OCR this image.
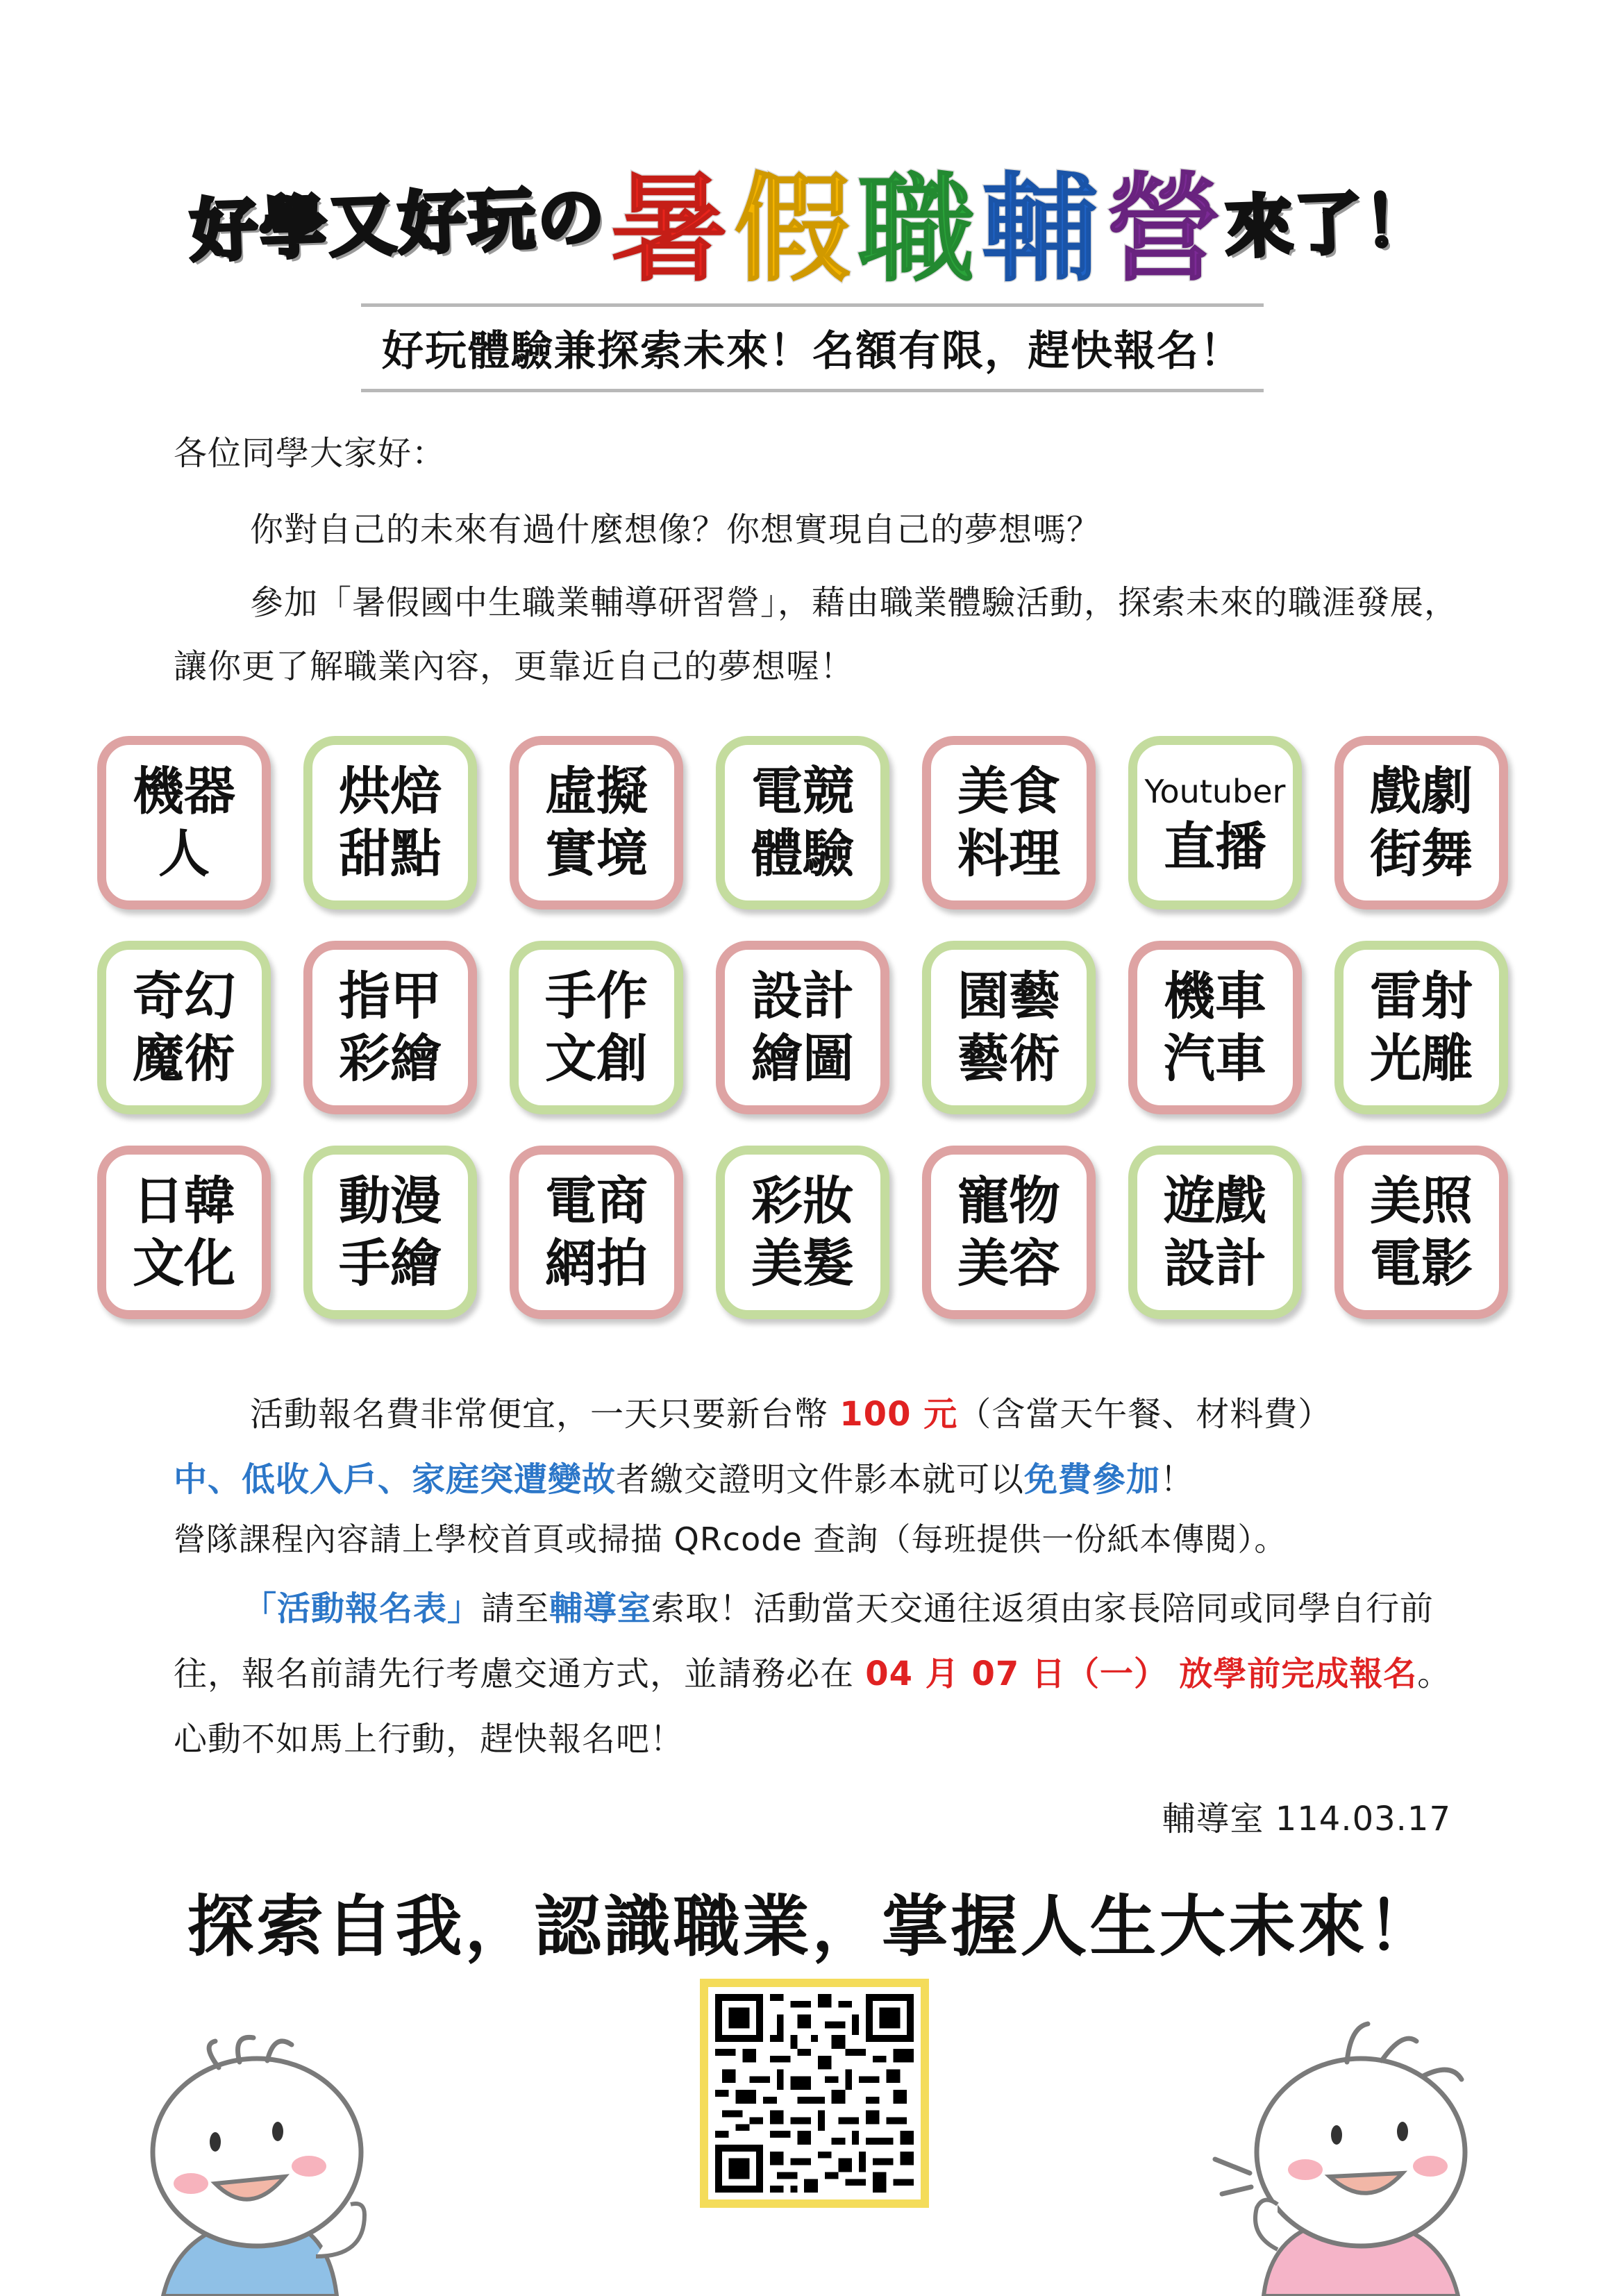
好學又好玩の 暑 假 職 輔 營 來了！
好玩體驗兼探索未來！名額有限，趕快報名！
各位同學大家好：
你對自己的未來有過什麼想像？你想實現自己的夢想嗎？
參加「暑假國中生職業輔導研習營」，藉由職業體驗活動，探索未來的職涯發展，讓你更了解職業內容，更靠近自己的夢想喔！
機器
人
烘焙
甜點
虛擬
實境
電競
體驗
美食
料理
Youtuber
直播
戲劇
街舞
奇幻
魔術
指甲
彩繪
手作
文創
設計
繪圖
園藝
藝術
機車
汽車
雷射
光雕
日韓
文化
動漫
手繪
電商
網拍
彩妝
美髮
寵物
美容
遊戲
設計
美照
電影
活動報名費非常便宜，一天只要新台幣 100 元（含當天午餐、材料費）
中、低收入戶、家庭突遭變故者繳交證明文件影本就可以免費參加！
營隊課程內容請上學校首頁或掃描 QRcode 查詢（每班提供一份紙本傳閱）。
「活動報名表」請至輔導室索取！活動當天交通往返須由家長陪同或同學自行前往，報名前請先行考慮交通方式，並請務必在 04 月 07 日（一） 放學前完成報名。心動不如馬上行動，趕快報名吧！
輔導室 114.03.17
探索自我，認識職業，掌握人生大未來！
